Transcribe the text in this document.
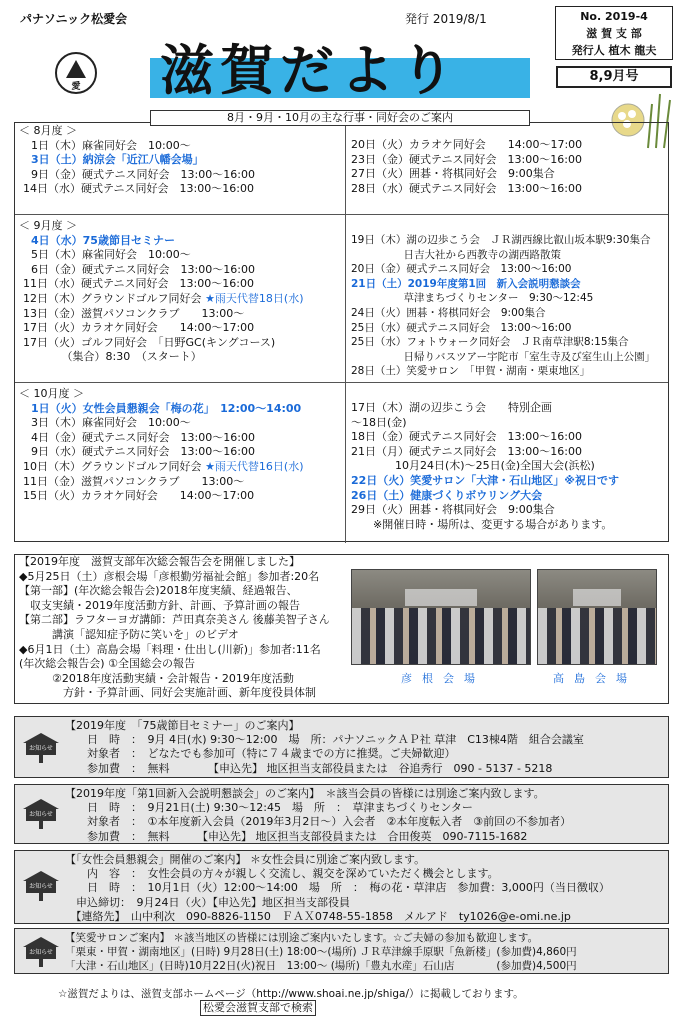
パナソニック松愛会
愛 滋賀だより
発行 2019/8/1	No. 2019-4
滋 賀 支 部
発行人 植木 龍夫
8,9月号
＜ 8月度 ＞
1日（木）麻雀同好会　10:00～
3日（土）納涼会「近江八幡会場」
9日（金）硬式テニス同好会　13:00～16:00
14日（水）硬式テニス同好会　13:00～16:00
20日（火）カラオケ同好会　　14:00～17:00
23日（金）硬式テニス同好会　13:00～16:00
27日（火）囲碁・将棋同好会　9:00集合
28日（水）硬式テニス同好会　13:00～16:00
＜ 9月度 ＞
4日（水）75歳節目セミナー
5日（木）麻雀同好会　10:00～
6日（金）硬式テニス同好会　13:00～16:00
11日（水）硬式テニス同好会　13:00～16:00
12日（木）グラウンドゴルフ同好会 ★雨天代替18日(水)
13日（金）滋賀パソコンクラブ　　13:00～
17日（火）カラオケ同好会　　14:00～17:00
17日（火）ゴルフ同好会　「日野GC(キングコース)
　　　　（集合）8:30　（スタート）
19日（木）湖の辺歩こう会　ＪＲ湖西線比叡山坂本駅9:30集合
　　　　　日吉大社から西教寺の湖西路散策
20日（金）硬式テニス同好会　13:00～16:00
21日（土）2019年度第1回　新入会説明懇談会
　　　　　草津まちづくりセンター　9:30～12:45
24日（火）囲碁・将棋同好会　9:00集合
25日（水）硬式テニス同好会　13:00～16:00
25日（水）フォトウォーク同好会　ＪＲ南草津駅8:15集合
　　　　　日帰りバスツアー宇陀市「室生寺及び室生山上公園」
28日（土）笑愛サロン　「甲賀・湖南・栗東地区」
＜ 10月度 ＞
1日（火）女性会員懇親会「梅の花」　12:00～14:00
3日（木）麻雀同好会　10:00～
4日（金）硬式テニス同好会　13:00～16:00
9日（水）硬式テニス同好会　13:00～16:00
10日（木）グラウンドゴルフ同好会 ★雨天代替16日(水)
11日（金）滋賀パソコンクラブ　　13:00～
15日（火）カラオケ同好会　　14:00～17:00
17日（木）湖の辺歩こう会　　特別企画
～18日(金)
18日（金）硬式テニス同好会　13:00～16:00
21日（月）硬式テニス同好会　13:00～16:00
　　　　10月24日(木)～25日(金)全国大会(浜松)
22日（火）笑愛サロン「大津・石山地区」※祝日です
26日（土）健康づくりボウリング大会
29日（火）囲碁・将棋同好会　9:00集合
　　※開催日時・場所は、変更する場合があります。
8月・9月・10月の主な行事・同好会のご案内
【2019年度　滋賀支部年次総会報告会を開催しました】
◆5月25日（土）彦根会場「彦根勤労福祉会館」参加者:20名
【第一部】(年次総会報告会)2018年度実績、経過報告、
　収支実績・2019年度活動方針、計画、予算計画の報告
【第二部】ラフターヨガ講師：芦田真奈美さん 後藤美智子さん
　　　講演「認知症予防に笑いを」のビデオ
◆6月1日（土）高島会場「料理・仕出し(川新)」参加者:11名
(年次総会報告会) ①全国総会の報告
　　　②2018年度活動実績・会計報告・2019年度活動
　　　　方針・予算計画、同好会実施計画、新年度役員体制
彦根会場	高島会場
お知らせ
【2019年度　「75歳節目セミナー」のご案内】
　　日　時　：　9月 4日(水) 9:30～12:00　場　所：パナソニックＡＰ社 草津　C13棟4階　組合会議室
　　対象者　：　どなたでも参加可（特に７４歳までの方に推奨。ご夫婦歓迎）
　　参加費　：　無料　　　　【申込先】 地区担当支部役員または　谷追秀行　090 - 5137 - 5218
お知らせ
【2019年度「第1回新入会説明懇談会」のご案内】　＊該当会員の皆様には別途ご案内致します。
　　日　時　：　9月21日(土) 9:30～12:45　場　所　：　草津まちづくりセンター
　　対象者　：　①本年度新入会員（2019年3月2日～）入会者　②本年度転入者　③前回の不参加者）
　　参加費　：　無料　　　【申込先】 地区担当支部役員または　合田俊英　090-7115-1682
お知らせ
【「女性会員懇親会」開催のご案内】 ＊女性会員に別途ご案内致します。
　　内　容　：　女性会員の方々が親しく交流し、親交を深めていただく機会とします。
　　日　時　：　10月1日（火）12:00～14:00　場　所　：　梅の花・草津店　参加費：3,000円（当日徴収）
　申込締切：　9月24日（火）【申込先】地区担当支部役員
　【連絡先】　山中利次　090-8826-1150　ＦＡＸ0748-55-1858　メルアド　ty1026@e-omi.ne.jp
お知らせ
【笑愛サロンご案内】 ＊該当地区の皆様には別途ご案内いたします。☆ご夫婦の参加も歓迎します。
「栗東・甲賀・湖南地区」(日時) 9月28日(土) 18:00～(場所) ＪＲ草津線手原駅「魚新楼」(参加費)4,860円
「大津・石山地区」(日時)10月22日(火)祝日　13:00～ (場所)「豊丸水産」石山店　　　　(参加費)4,500円
☆滋賀だよりは、滋賀支部ホームページ（http://www.shoai.ne.jp/shiga/）に掲載しております。
松愛会滋賀支部で検索
